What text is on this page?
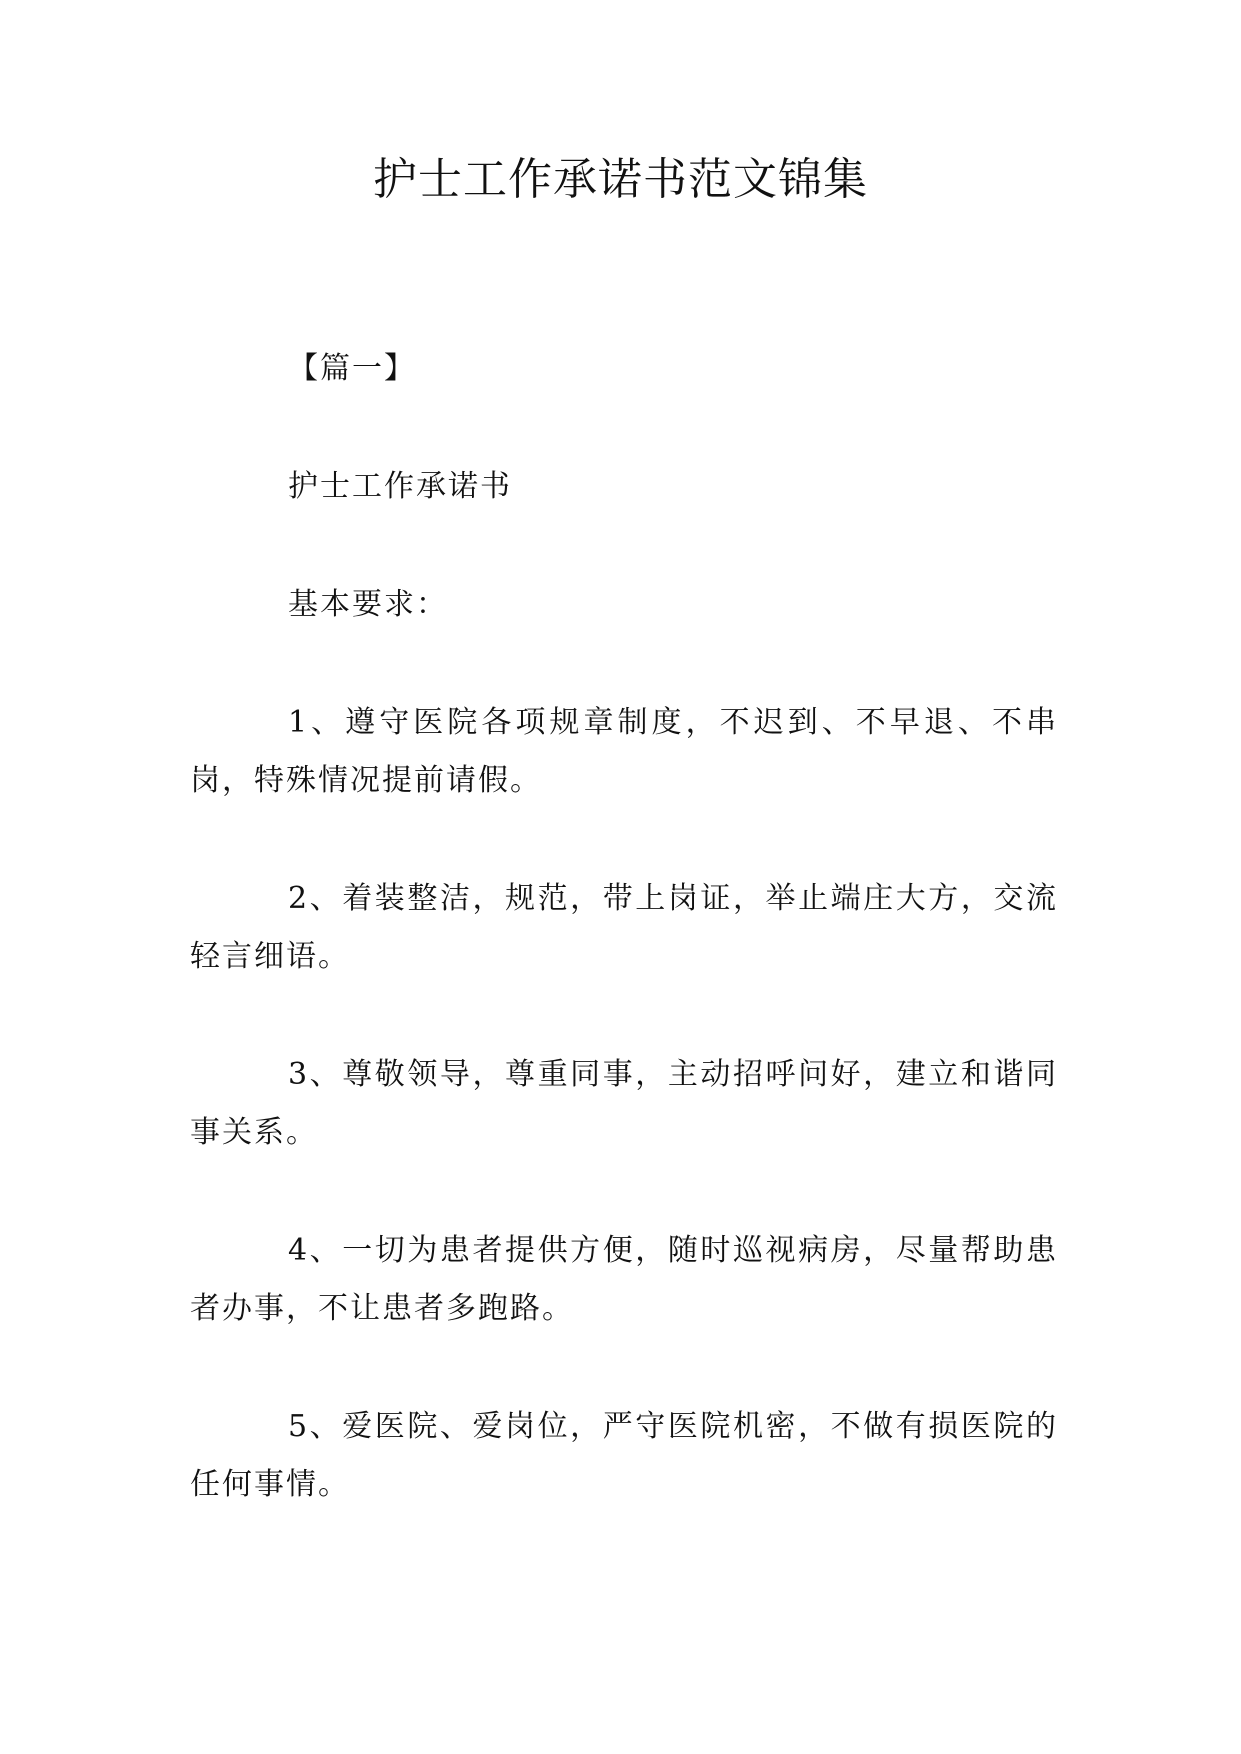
护士工作承诺书范文锦集

【篇一】

护士工作承诺书

基本要求：

1、遵守医院各项规章制度，不迟到、不早退、不串岗，特殊情况提前请假。

2、着装整洁，规范，带上岗证，举止端庄大方，交流轻言细语。

3、尊敬领导，尊重同事，主动招呼问好，建立和谐同事关系。

4、一切为患者提供方便，随时巡视病房，尽量帮助患者办事，不让患者多跑路。

5、爱医院、爱岗位，严守医院机密，不做有损医院的任何事情。
